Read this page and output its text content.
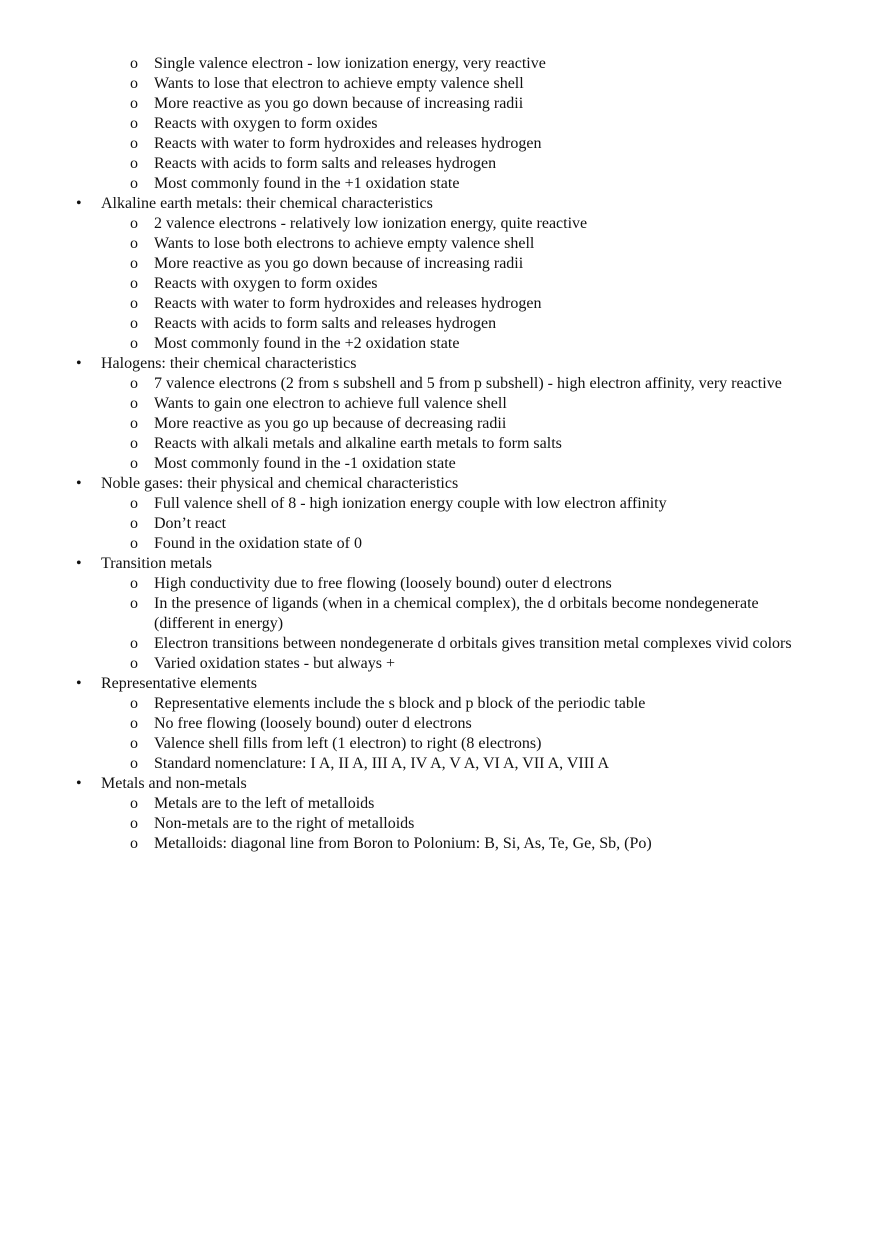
o Single valence electron - low ionization energy, very reactive
o Wants to lose that electron to achieve empty valence shell
o More reactive as you go down because of increasing radii
o Reacts with oxygen to form oxides
o Reacts with water to form hydroxides and releases hydrogen
o Reacts with acids to form salts and releases hydrogen
o Most commonly found in the +1 oxidation state
• Alkaline earth metals: their chemical characteristics
o 2 valence electrons - relatively low ionization energy, quite reactive
o Wants to lose both electrons to achieve empty valence shell
o More reactive as you go down because of increasing radii
o Reacts with oxygen to form oxides
o Reacts with water to form hydroxides and releases hydrogen
o Reacts with acids to form salts and releases hydrogen
o Most commonly found in the +2 oxidation state
• Halogens: their chemical characteristics
o 7 valence electrons (2 from s subshell and 5 from p subshell) - high electron affinity, very reactive
o Wants to gain one electron to achieve full valence shell
o More reactive as you go up because of decreasing radii
o Reacts with alkali metals and alkaline earth metals to form salts
o Most commonly found in the -1 oxidation state
• Noble gases: their physical and chemical characteristics
o Full valence shell of 8 - high ionization energy couple with low electron affinity
o Don’t react
o Found in the oxidation state of 0
• Transition metals
o High conductivity due to free flowing (loosely bound) outer d electrons
o In the presence of ligands (when in a chemical complex), the d orbitals become nondegenerate (different in energy)
o Electron transitions between nondegenerate d orbitals gives transition metal complexes vivid colors
o Varied oxidation states - but always +
• Representative elements
o Representative elements include the s block and p block of the periodic table
o No free flowing (loosely bound) outer d electrons
o Valence shell fills from left (1 electron) to right (8 electrons)
o Standard nomenclature: I A, II A, III A, IV A, V A, VI A, VII A, VIII A
• Metals and non-metals
o Metals are to the left of metalloids
o Non-metals are to the right of metalloids
o Metalloids: diagonal line from Boron to Polonium: B, Si, As, Te, Ge, Sb, (Po)
